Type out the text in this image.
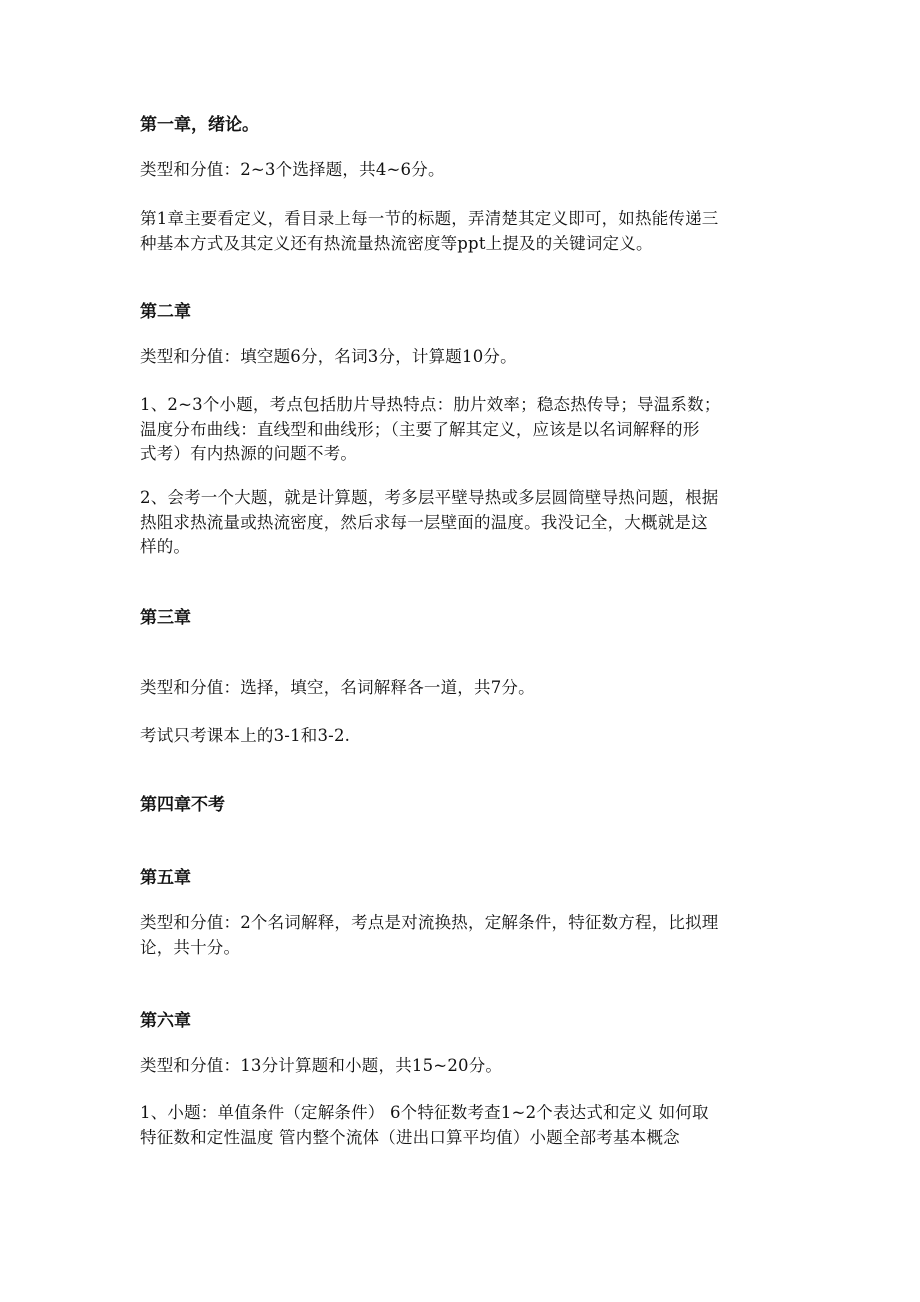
第一章，绪论。
类型和分值：2~3个选择题，共4~6分。
第1章主要看定义，看目录上每一节的标题，弄清楚其定义即可，如热能传递三
种基本方式及其定义还有热流量热流密度等ppt上提及的关键词定义。
第二章
类型和分值：填空题6分，名词3分，计算题10分。
1、2~3个小题，考点包括肋片导热特点：肋片效率；稳态热传导；导温系数；
温度分布曲线：直线型和曲线形；（主要了解其定义，应该是以名词解释的形
式考）有内热源的问题不考。
2、会考一个大题，就是计算题，考多层平壁导热或多层圆筒壁导热问题，根据
热阻求热流量或热流密度，然后求每一层壁面的温度。我没记全，大概就是这
样的。
第三章
类型和分值：选择，填空，名词解释各一道，共7分。
考试只考课本上的3-1和3-2.
第四章不考
第五章
类型和分值：2个名词解释，考点是对流换热，定解条件，特征数方程，比拟理
论，共十分。
第六章
类型和分值：13分计算题和小题，共15~20分。
1、小题：单值条件（定解条件） 6个特征数考查1~2个表达式和定义 如何取
特征数和定性温度 管内整个流体（进出口算平均值）小题全部考基本概念
